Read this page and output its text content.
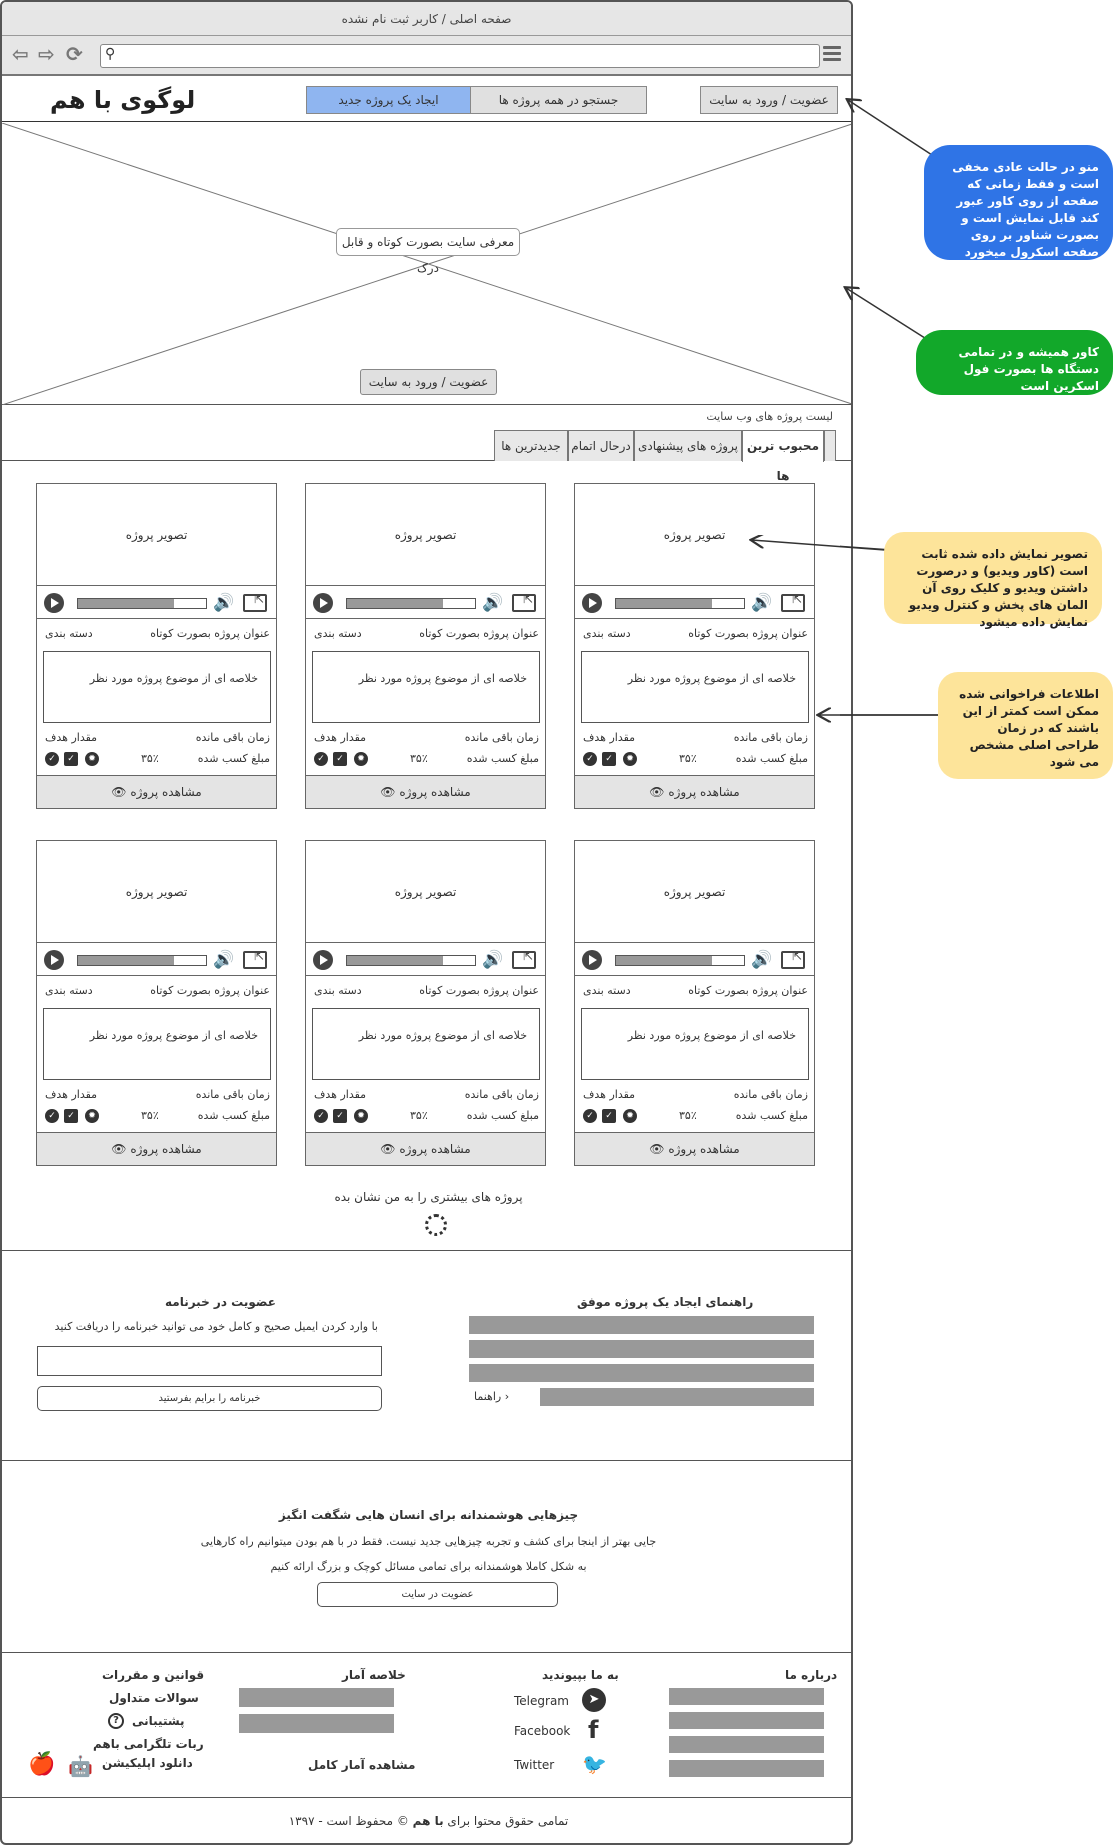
صفحه اصلی / کاربر ثبت نام نشده
⇦ ⇨ ⟳ ⚲
لوگوی با هم	ایجاد یک پروژه جدید	جستجو در همه پروژه ها	عضویت / ورود به سایت
معرفی سایت بصورت کوتاه و قابل درک
عضویت / ورود به سایت
لیست پروژه های وب سایت
محبوب ترین ها
پروژه های پیشنهادی
درحال اتمام
جدیدترین ها
تصویر پروژه
🔊
⇱
عنوان پروژه بصورت کوتاه
دسته بندی
خلاصه ای از موضوع پروژه مورد نظر
زمان باقی مانده
مقدار هدف
مبلغ کسب شده
۳۵٪
✓	✓	✹
مشاهده پروژه 👁
تصویر پروژه
🔊
⇱
عنوان پروژه بصورت کوتاه
دسته بندی
خلاصه ای از موضوع پروژه مورد نظر
زمان باقی مانده
مقدار هدف
مبلغ کسب شده
۳۵٪
✓	✓	✹
مشاهده پروژه 👁
تصویر پروژه
🔊
⇱
عنوان پروژه بصورت کوتاه
دسته بندی
خلاصه ای از موضوع پروژه مورد نظر
زمان باقی مانده
مقدار هدف
مبلغ کسب شده
۳۵٪
✓	✓	✹
مشاهده پروژه 👁
تصویر پروژه
🔊
⇱
عنوان پروژه بصورت کوتاه
دسته بندی
خلاصه ای از موضوع پروژه مورد نظر
زمان باقی مانده
مقدار هدف
مبلغ کسب شده
۳۵٪
✓	✓	✹
مشاهده پروژه 👁
تصویر پروژه
🔊
⇱
عنوان پروژه بصورت کوتاه
دسته بندی
خلاصه ای از موضوع پروژه مورد نظر
زمان باقی مانده
مقدار هدف
مبلغ کسب شده
۳۵٪
✓	✓	✹
مشاهده پروژه 👁
تصویر پروژه
🔊
⇱
عنوان پروژه بصورت کوتاه
دسته بندی
خلاصه ای از موضوع پروژه مورد نظر
زمان باقی مانده
مقدار هدف
مبلغ کسب شده
۳۵٪
✓	✓	✹
مشاهده پروژه 👁
پروژه های بیشتری را به من نشان بده
راهنمای ایجاد یک پروژه موفق
‹ راهنما
عضویت در خبرنامه
با وارد کردن ایمیل صحیح و کامل خود می توانید خبرنامه را دریافت کنید
خبرنامه را برایم بفرستید
چیزهایی هوشمندانه برای انسان هایی شگفت انگیز
جایی بهتر از اینجا برای کشف و تجربه چیزهایی جدید نیست. فقط در با هم بودن میتوانیم راه کارهایی
به شکل کاملا هوشمندانه برای تمامی مسائل کوچک و بزرگ ارائه کنیم
عضویت در سایت
درباره ما
به ما بپیوندید
Telegram	➤
Facebook f
Twitter 🐦
خلاصه آمار
مشاهده آمار کامل
قوانین و مقررات
سوالات متداول
پشتیبانی
?
ربات تلگرامی باهم
دانلود اپلیکیشن
🤖
🍎
تمامی حقوق محتوا برای با هم © محفوظ است - ۱۳۹۷
منو در حالت عادی مخفی است و فقط زمانی که صفحه از روی کاور عبور کند قابل نمایش است و بصورت شناور بر روی صفحه اسکرول میخورد
کاور همیشه و در تمامی دستگاه ها بصورت فول اسکرین است
تصویر نمایش داده شده ثابت است (کاور ویدیو) و درصورت داشتن ویدیو و کلیک روی آن المان های پخش و کنترل ویدیو نمایش داده میشود
اطلاعات فراخوانی شده ممکن است کمتر از این باشند که در زمان طراحی اصلی مشخص می شود
